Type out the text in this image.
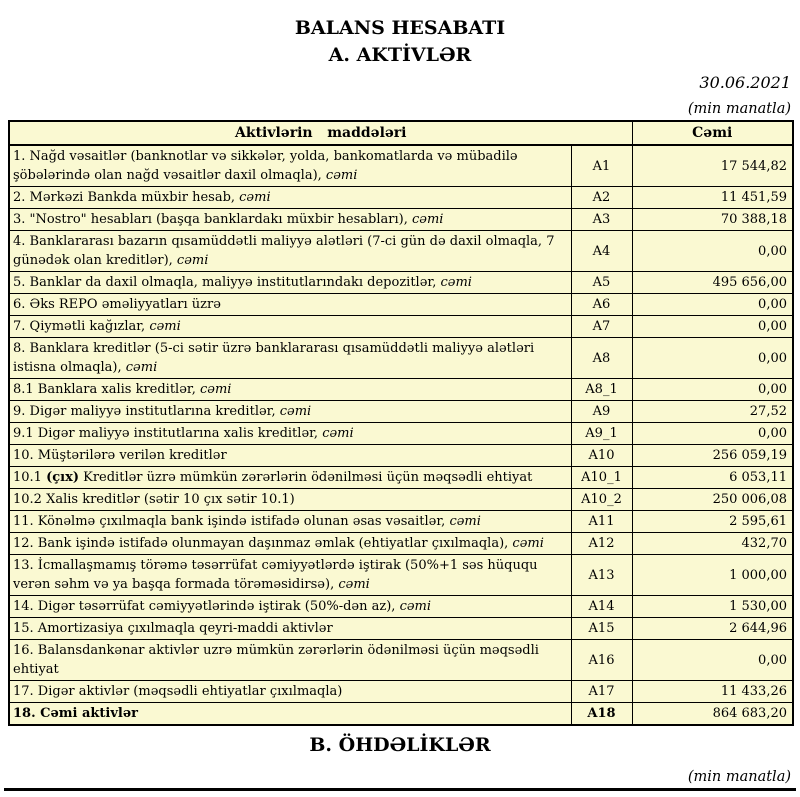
BALANS HESABATI
A. AKTİVLƏR
30.06.2021
(min manatla)
Aktivlərin   maddələri		Cəmi
1. Nağd vəsaitlər (banknotlar və sikkələr, yolda, bankomatlarda və mübadilə şöbələrində olan nağd vəsaitlər daxil olmaqla), cəmi	A1	17 544,82
2. Mərkəzi Bankda müxbir hesab, cəmi	A2	11 451,59
3. "Nostro" hesabları (başqa banklardakı müxbir hesabları), cəmi	A3	70 388,18
4. Banklararası bazarın qısamüddətli maliyyə alətləri (7-ci gün də daxil olmaqla, 7 günədək olan kreditlər), cəmi	A4	0,00
5. Banklar da daxil olmaqla, maliyyə institutlarındakı depozitlər, cəmi	A5	495 656,00
6. Əks REPO əməliyyatları üzrə	A6	0,00
7. Qiymətli kağızlar, cəmi	A7	0,00
8. Banklara kreditlər (5-ci sətir üzrə banklararası qısamüddətli maliyyə alətləri istisna olmaqla), cəmi	A8	0,00
8.1 Banklara xalis kreditlər, cəmi	A8_1	0,00
9. Digər maliyyə institutlarına kreditlər, cəmi	A9	27,52
9.1 Digər maliyyə institutlarına xalis kreditlər, cəmi	A9_1	0,00
10. Müştərilərə verilən kreditlər	A10	256 059,19
10.1 (çıx) Kreditlər üzrə mümkün zərərlərin ödənilməsi üçün məqsədli ehtiyat	A10_1	6 053,11
10.2 Xalis kreditlər (sətir 10 çıx sətir 10.1)	A10_2	250 006,08
11. Könəlmə çıxılmaqla bank işində istifadə olunan əsas vəsaitlər, cəmi	A11	2 595,61
12. Bank işində istifadə olunmayan daşınmaz əmlak (ehtiyatlar çıxılmaqla), cəmi	A12	432,70
13. İcmallaşmamış törəmə təsərrüfat cəmiyyətlərdə iştirak (50%+1 səs hüququ verən səhm və ya başqa formada törəməsidirsə), cəmi	A13	1 000,00
14. Digər təsərrüfat cəmiyyətlərində iştirak (50%-dən az), cəmi	A14	1 530,00
15. Amortizasiya çıxılmaqla qeyri-maddi aktivlər	A15	2 644,96
16. Balansdankənar aktivlər uzrə mümkün zərərlərin ödənilməsi üçün məqsədli ehtiyat	A16	0,00
17. Digər aktivlər (məqsədli ehtiyatlar çıxılmaqla)	A17	11 433,26
18. Cəmi aktivlər	A18	864 683,20
B. ÖHDƏLİKLƏR
(min manatla)
